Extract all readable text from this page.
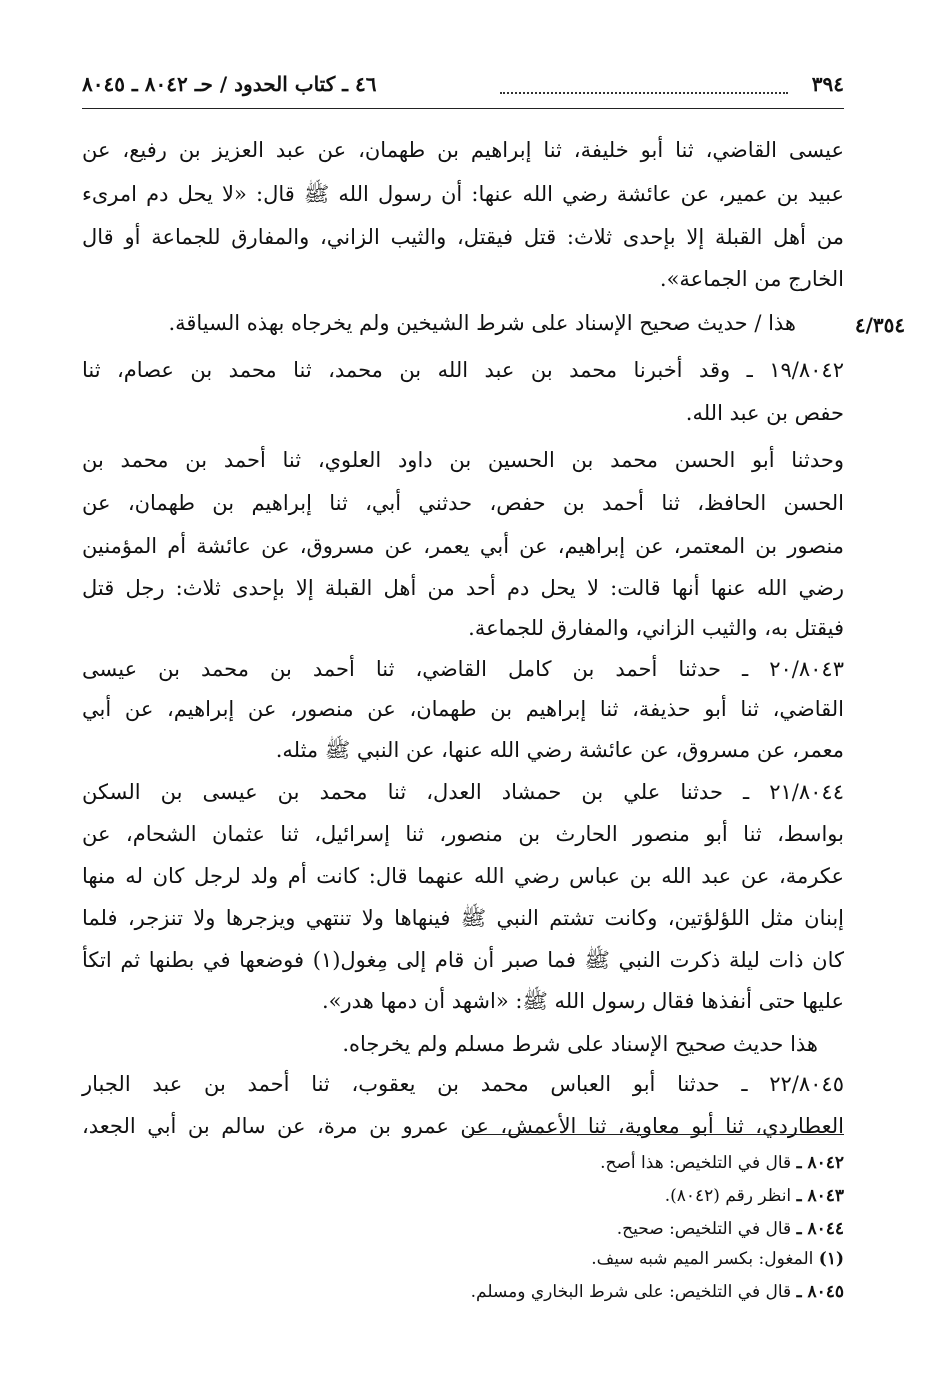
٣٩٤
٤٦ ـ كتاب الحدود / حـ ٨٠٤٢ ـ ٨٠٤٥
٤/٣٥٤
عيسى القاضي، ثنا أبو خليفة، ثنا إبراهيم بن طهمان، عن عبد العزيز بن رفيع، عن
عبيد بن عمير، عن عائشة رضي الله عنها: أن رسول الله ﷺ قال: «لا يحل دم امرىء
من أهل القبلة إلا بإحدى ثلاث: قتل فيقتل، والثيب الزاني، والمفارق للجماعة أو قال
الخارج من الجماعة».
هذا / حديث صحيح الإسناد على شرط الشيخين ولم يخرجاه بهذه السياقة.
١٩/٨٠٤٢ ـ وقد أخبرنا محمد بن عبد الله بن محمد، ثنا محمد بن عصام، ثنا
حفص بن عبد الله.
وحدثنا أبو الحسن محمد بن الحسين بن داود العلوي، ثنا أحمد بن محمد بن
الحسن الحافظ، ثنا أحمد بن حفص، حدثني أبي، ثنا إبراهيم بن طهمان، عن
منصور بن المعتمر، عن إبراهيم، عن أبي يعمر، عن مسروق، عن عائشة أم المؤمنين
رضي الله عنها أنها قالت: لا يحل دم أحد من أهل القبلة إلا بإحدى ثلاث: رجل قتل
فيقتل به، والثيب الزاني، والمفارق للجماعة.
٢٠/٨٠٤٣ ـ حدثنا أحمد بن كامل القاضي، ثنا أحمد بن محمد بن عيسى
القاضي، ثنا أبو حذيفة، ثنا إبراهيم بن طهمان، عن منصور، عن إبراهيم، عن أبي
معمر، عن مسروق، عن عائشة رضي الله عنها، عن النبي ﷺ مثله.
٢١/٨٠٤٤ ـ حدثنا علي بن حمشاد العدل، ثنا محمد بن عيسى بن السكن
بواسط، ثنا أبو منصور الحارث بن منصور، ثنا إسرائيل، ثنا عثمان الشحام، عن
عكرمة، عن عبد الله بن عباس رضي الله عنهما قال: كانت أم ولد لرجل كان له منها
إبنان مثل اللؤلؤتين، وكانت تشتم النبي ﷺ فينهاها ولا تنتهي ويزجرها ولا تنزجر، فلما
كان ذات ليلة ذكرت النبي ﷺ فما صبر أن قام إلى مِغول(١) فوضعها في بطنها ثم اتكأ
عليها حتى أنفذها فقال رسول الله ﷺ: «اشهد أن دمها هدر».
هذا حديث صحيح الإسناد على شرط مسلم ولم يخرجاه.
٢٢/٨٠٤٥ ـ حدثنا أبو العباس محمد بن يعقوب، ثنا أحمد بن عبد الجبار
العطاردي، ثنا أبو معاوية، ثنا الأعمش، عن عمرو بن مرة، عن سالم بن أبي الجعد،
٨٠٤٢ ـ قال في التلخيص: هذا أصح.
٨٠٤٣ ـ انظر رقم (٨٠٤٢).
٨٠٤٤ ـ قال في التلخيص: صحيح.
(١) المغول: بكسر الميم شبه سيف.
٨٠٤٥ ـ قال في التلخيص: على شرط البخاري ومسلم.
